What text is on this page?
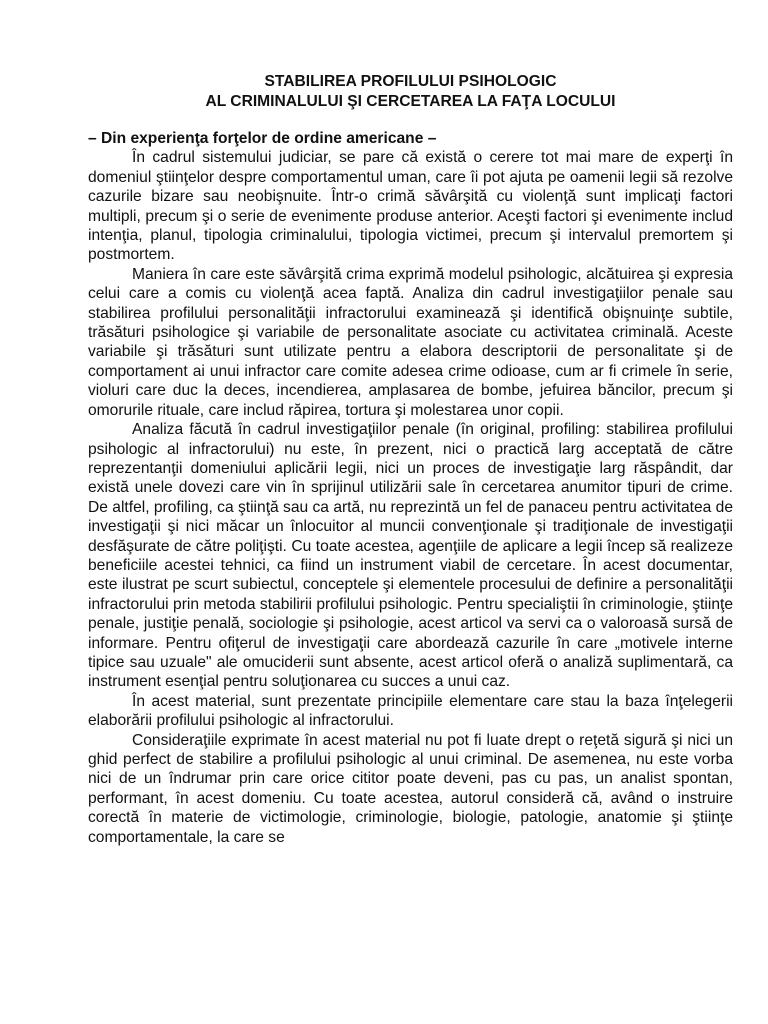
STABILIREA PROFILULUI PSIHOLOGIC
AL CRIMINALULUI ŞI CERCETAREA LA FAŢA LOCULUI

– Din experienţa forţelor de ordine americane –

În cadrul sistemului judiciar, se pare că există o cerere tot mai mare de experţi în domeniul ştiinţelor despre comportamentul uman, care îi pot ajuta pe oamenii legii să rezolve cazurile bizare sau neobişnuite. Într-o crimă săvârşită cu violenţă sunt implicaţi factori multipli, precum şi o serie de evenimente produse anterior. Aceşti factori şi evenimente includ intenţia, planul, tipologia criminalului, tipologia victimei, precum şi intervalul premortem şi postmortem.

Maniera în care este săvârşită crima exprimă modelul psihologic, alcătuirea şi expresia celui care a comis cu violenţă acea faptă. Analiza din cadrul investigaţiilor penale sau stabilirea profilului personalităţii infractorului examinează şi identifică obişnuinţe subtile, trăsături psihologice şi variabile de personalitate asociate cu activitatea criminală. Aceste variabile şi trăsături sunt utilizate pentru a elabora descriptorii de personalitate şi de comportament ai unui infractor care comite adesea crime odioase, cum ar fi crimele în serie, violuri care duc la deces, incendierea, amplasarea de bombe, jefuirea băncilor, precum şi omorurile rituale, care includ răpirea, tortura şi molestarea unor copii.

Analiza făcută în cadrul investigaţiilor penale (în original, profiling: stabilirea profilului psihologic al infractorului) nu este, în prezent, nici o practică larg acceptată de către reprezentanţii domeniului aplicării legii, nici un proces de investigaţie larg răspândit, dar există unele dovezi care vin în sprijinul utilizării sale în cercetarea anumitor tipuri de crime. De altfel, profiling, ca ştiinţă sau ca artă, nu reprezintă un fel de panaceu pentru activitatea de investigaţii şi nici măcar un înlocuitor al muncii convenţionale şi tradiţionale de investigaţii desfăşurate de către poliţişti. Cu toate acestea, agenţiile de aplicare a legii încep să realizeze beneficiile acestei tehnici, ca fiind un instrument viabil de cercetare. În acest documentar, este ilustrat pe scurt subiectul, conceptele şi elementele procesului de definire a personalităţii infractorului prin metoda stabilirii profilului psihologic. Pentru specialiştii în criminologie, ştiinţe penale, justiţie penală, sociologie şi psihologie, acest articol va servi ca o valoroasă sursă de informare. Pentru ofiţerul de investigaţii care abordează cazurile în care „motivele interne tipice sau uzuale" ale omuciderii sunt absente, acest articol oferă o analiză suplimentară, ca instrument esenţial pentru soluţionarea cu succes a unui caz.

În acest material, sunt prezentate principiile elementare care stau la baza înţelegerii elaborării profilului psihologic al infractorului.

Consideraţiile exprimate în acest material nu pot fi luate drept o reţetă sigură şi nici un ghid perfect de stabilire a profilului psihologic al unui criminal. De asemenea, nu este vorba nici de un îndrumar prin care orice cititor poate deveni, pas cu pas, un analist spontan, performant, în acest domeniu. Cu toate acestea, autorul consideră că, având o instruire corectă în materie de victimologie, criminologie, biologie, patologie, anatomie şi ştiinţe comportamentale, la care se
